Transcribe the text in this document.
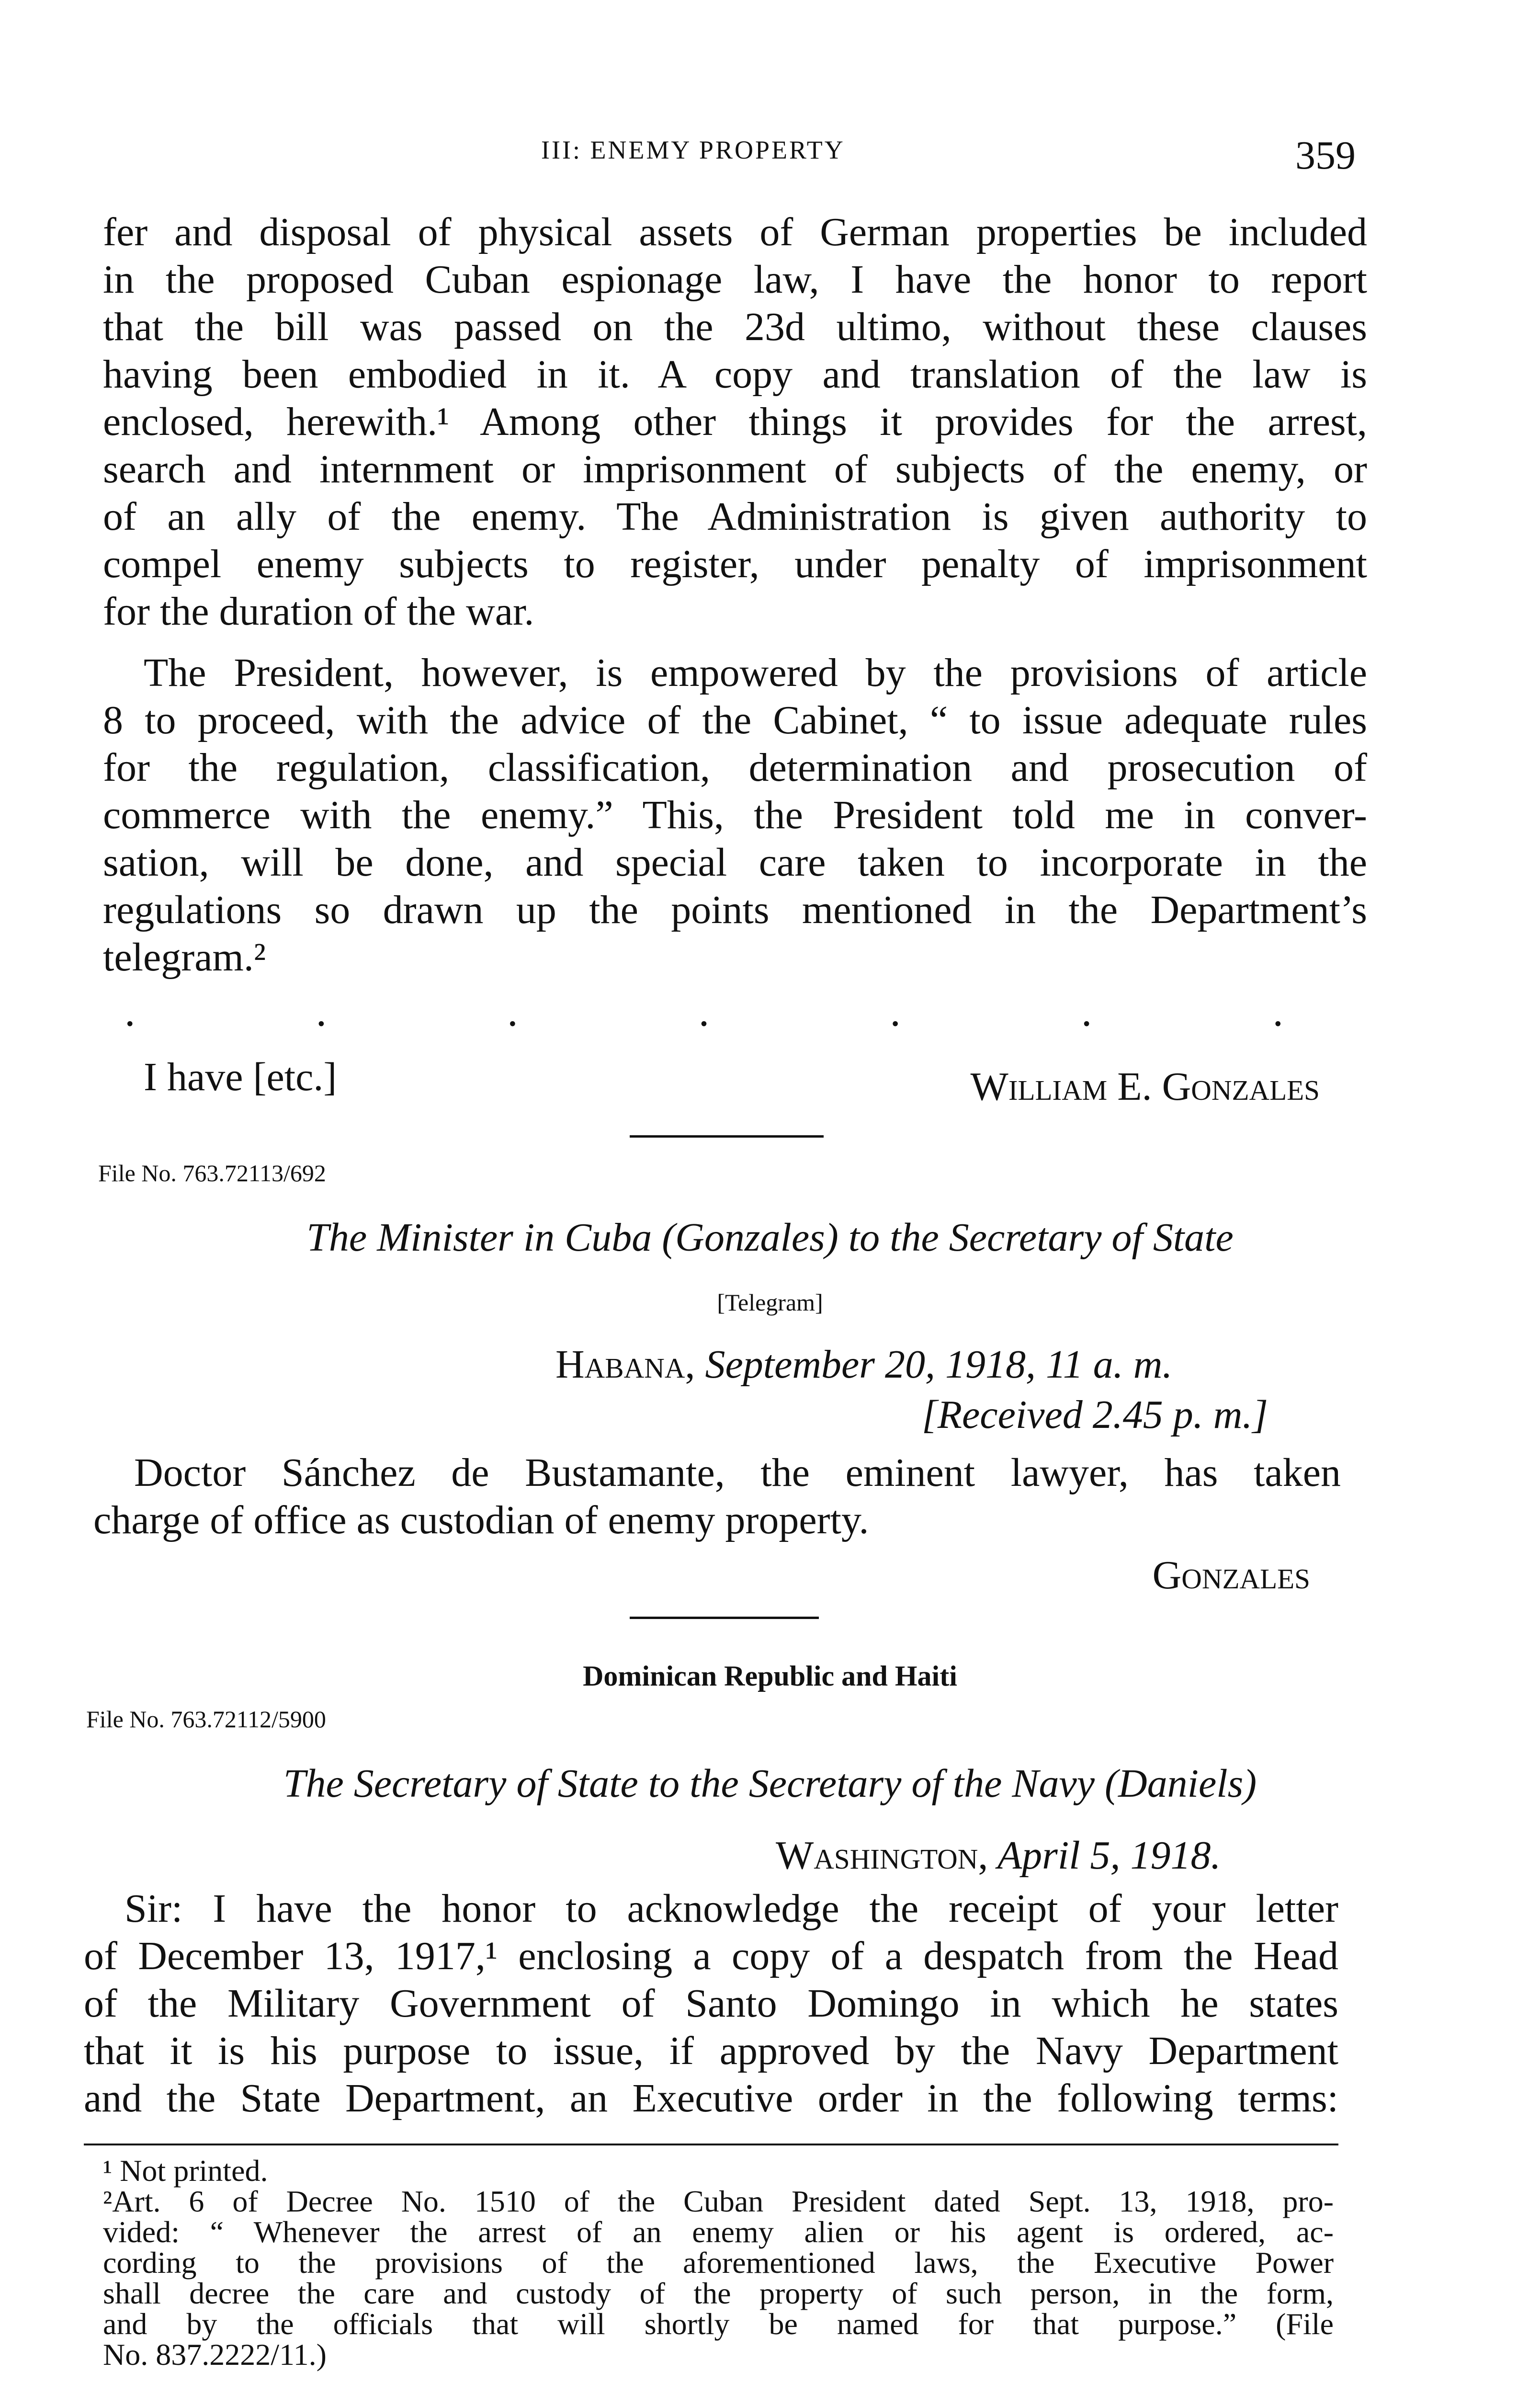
III: ENEMY PROPERTY	359
fer and disposal of physical assets of German properties be included
in the proposed Cuban espionage law, I have the honor to report
that the bill was passed on the 23d ultimo, without these clauses
having been embodied in it. A copy and translation of the law is
enclosed, herewith.¹ Among other things it provides for the arrest,
search and internment or imprisonment of subjects of the enemy, or
of an ally of the enemy. The Administration is given authority to
compel enemy subjects to register, under penalty of imprisonment
for the duration of the war.
The President, however, is empowered by the provisions of article
8 to proceed, with the advice of the Cabinet, “ to issue adequate rules
for the regulation, classification, determination and prosecution of
commerce with the enemy.” This, the President told me in conver-
sation, will be done, and special care taken to incorporate in the
regulations so drawn up the points mentioned in the Department’s
telegram.²
.	.	.	.	.	.	.
I have [etc.]	William E. Gonzales
File No. 763.72113/692
The Minister in Cuba (Gonzales) to the Secretary of State
[Telegram]
Habana, September 20, 1918, 11 a. m.
[Received 2.45 p. m.]
Doctor Sánchez de Bustamante, the eminent lawyer, has taken
charge of office as custodian of enemy property.
Gonzales
Dominican Republic and Haiti
File No. 763.72112/5900
The Secretary of State to the Secretary of the Navy (Daniels)
Washington, April 5, 1918.
Sir: I have the honor to acknowledge the receipt of your letter
of December 13, 1917,¹ enclosing a copy of a despatch from the Head
of the Military Government of Santo Domingo in which he states
that it is his purpose to issue, if approved by the Navy Department
and the State Department, an Executive order in the following terms:
¹ Not printed.
²Art. 6 of Decree No. 1510 of the Cuban President dated Sept. 13, 1918, pro-
vided: “ Whenever the arrest of an enemy alien or his agent is ordered, ac-
cording to the provisions of the aforementioned laws, the Executive Power
shall decree the care and custody of the property of such person, in the form,
and by the officials that will shortly be named for that purpose.” (File
No. 837.2222/11.)
